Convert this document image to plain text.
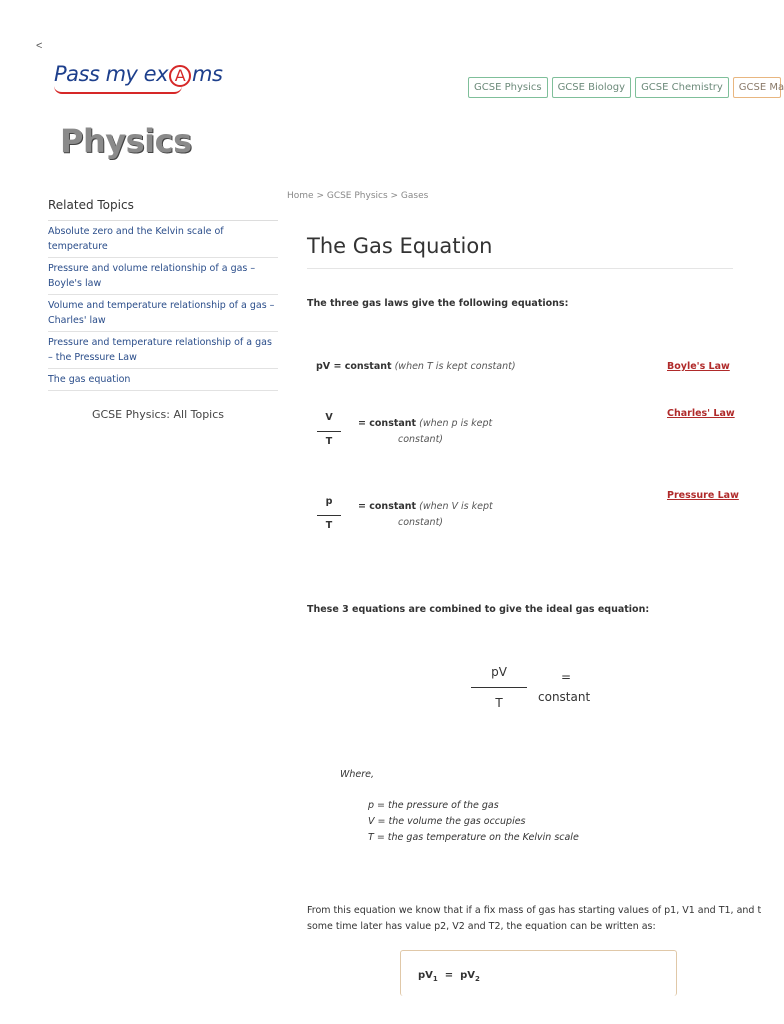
<
Pass my ex A ms
GCSE Physics	GCSE Biology	GCSE Chemistry	GCSE Ma
Physics
Related Topics
Absolute zero and the Kelvin scale of temperature
Pressure and volume relationship of a gas – Boyle's law
Volume and temperature relationship of a gas – Charles' law
Pressure and temperature relationship of a gas – the Pressure Law
The gas equation
GCSE Physics: All Topics
Home > GCSE Physics > Gases
The Gas Equation
The three gas laws give the following equations:
pV = constant (when T is kept constant)	Boyle's Law
V
T
= constant (when p is kept
constant)
Charles' Law
p
T
= constant (when V is kept
constant)
Pressure Law
These 3 equations are combined to give the ideal gas equation:
pV
T
=
constant
Where,
p = the pressure of the gas
V = the volume the gas occupies
T = the gas temperature on the Kelvin scale
From this equation we know that if a fix mass of gas has starting values of p1, V1 and T1, and t
some time later has value p2, V2 and T2, the equation can be written as:
$pV_1 = pV_2$
